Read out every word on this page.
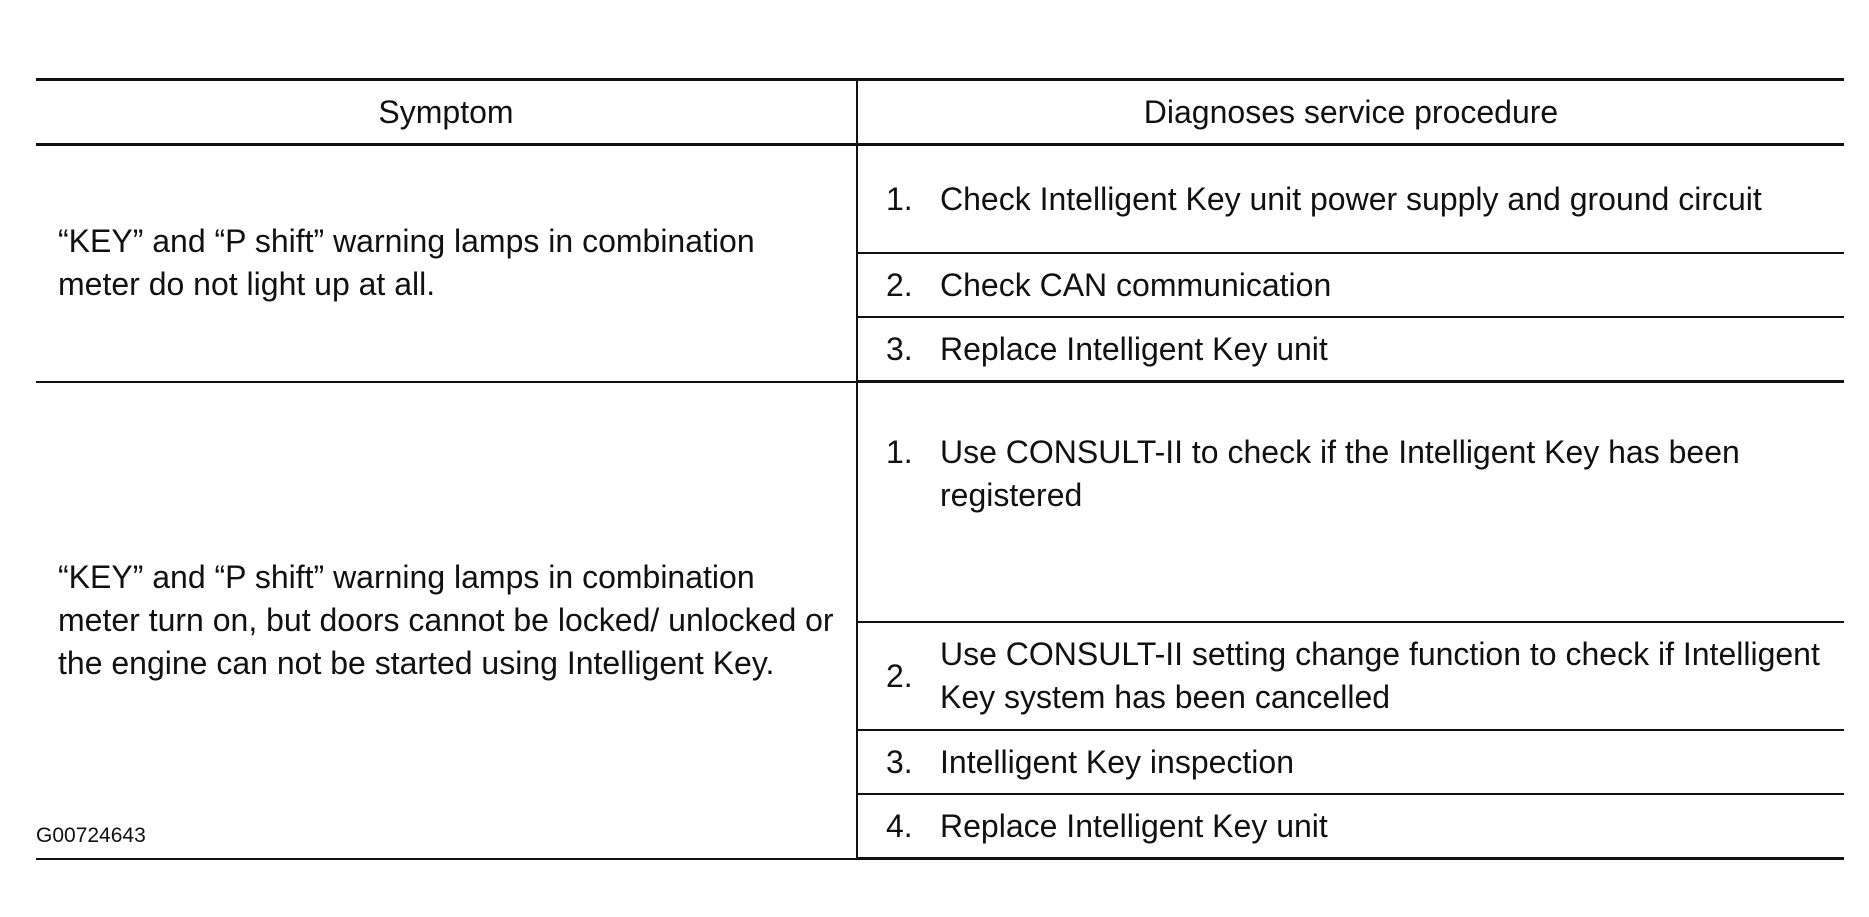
Symptom	Diagnoses service procedure	
“KEY” and “P shift” warning lamps in combination meter do not light up at all.	1.	Check Intelligent Key unit power supply and ground circuit
	2.	Check CAN communication
	3.	Replace Intelligent Key unit
“KEY” and “P shift” warning lamps in combination meter turn on, but doors cannot be locked/ unlocked or the engine can not be started using Intelligent Key.	1.	Use CONSULT-II to check if the Intelligent Key has been registered
	2.	Use CONSULT-II setting change function to check if Intelligent Key system has been cancelled
	3.	Intelligent Key inspection
	4.	Replace Intelligent Key unit
G00724643
